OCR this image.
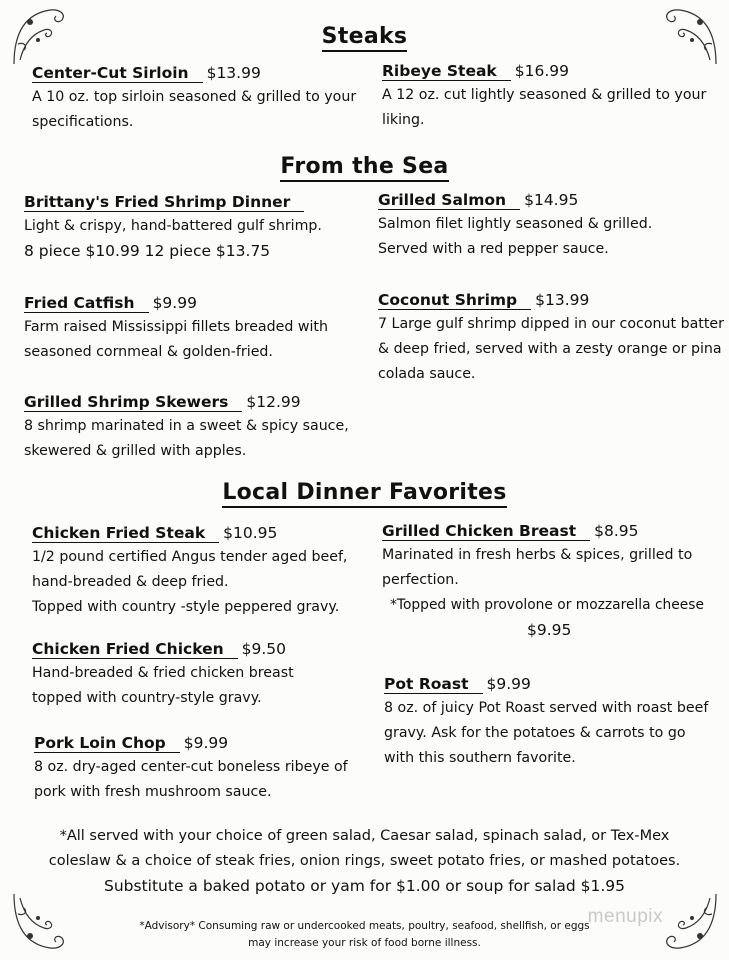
Steaks
From the Sea
Local Dinner Favorites
Center-Cut Sirloin $13.99
A 10 oz. top sirloin seasoned & grilled to your
specifications.
Ribeye Steak $16.99
A 12 oz. cut lightly seasoned & grilled to your
liking.
Brittany's Fried Shrimp Dinner
Light & crispy, hand-battered gulf shrimp.
8 piece $10.99 12 piece $13.75
Grilled Salmon $14.95
Salmon filet lightly seasoned & grilled.
Served with a red pepper sauce.
Fried Catfish $9.99
Farm raised Mississippi fillets breaded with
seasoned cornmeal & golden-fried.
Coconut Shrimp $13.99
7 Large gulf shrimp dipped in our coconut batter
& deep fried, served with a zesty orange or pina
colada sauce.
Grilled Shrimp Skewers $12.99
8 shrimp marinated in a sweet & spicy sauce,
skewered & grilled with apples.
Chicken Fried Steak $10.95
1/2 pound certified Angus tender aged beef,
hand-breaded & deep fried.
Topped with country -style peppered gravy.
Grilled Chicken Breast $8.95
Marinated in fresh herbs & spices, grilled to
perfection.
*Topped with provolone or mozzarella cheese
$9.95
Chicken Fried Chicken $9.50
Hand-breaded & fried chicken breast
topped with country-style gravy.
Pot Roast $9.99
8 oz. of juicy Pot Roast served with roast beef
gravy. Ask for the potatoes & carrots to go
with this southern favorite.
Pork Loin Chop $9.99
8 oz. dry-aged center-cut boneless ribeye of
pork with fresh mushroom sauce.
*All served with your choice of green salad, Caesar salad, spinach salad, or Tex-Mex
coleslaw & a choice of steak fries, onion rings, sweet potato fries, or mashed potatoes.
Substitute a baked potato or yam for $1.00 or soup for salad $1.95
*Advisory* Consuming raw or undercooked meats, poultry, seafood, shellfish, or eggs
may increase your risk of food borne illness.
menupix
